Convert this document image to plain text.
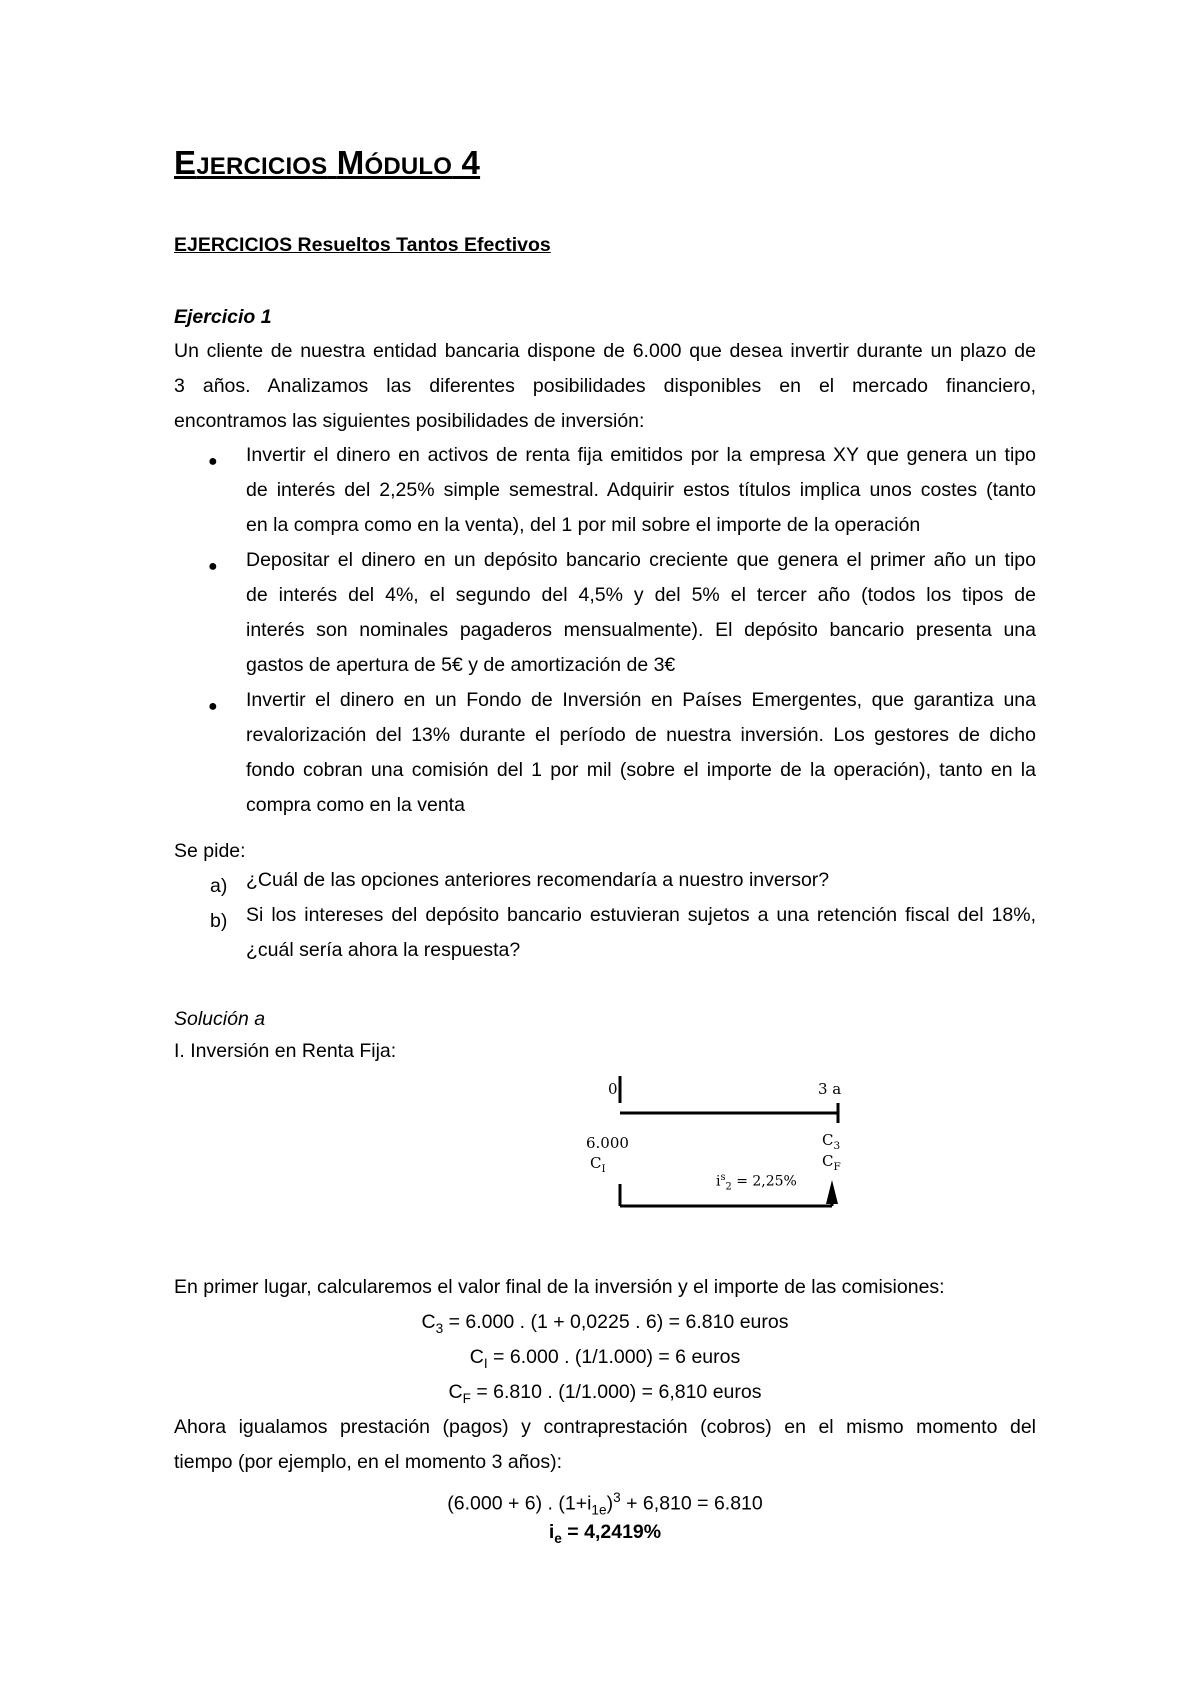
EJERCICIOS MÓDULO 4
EJERCICIOS Resueltos Tantos Efectivos
Ejercicio 1
Un cliente de nuestra entidad bancaria dispone de 6.000 que desea invertir durante un plazo de
3 años. Analizamos las diferentes posibilidades disponibles en el mercado financiero,
encontramos las siguientes posibilidades de inversión:
● Invertir el dinero en activos de renta fija emitidos por la empresa XY que genera un tipo
de interés del 2,25% simple semestral. Adquirir estos títulos implica unos costes (tanto
en la compra como en la venta), del 1 por mil sobre el importe de la operación
● Depositar el dinero en un depósito bancario creciente que genera el primer año un tipo
de interés del 4%, el segundo del 4,5% y del 5% el tercer año (todos los tipos de
interés son nominales pagaderos mensualmente). El depósito bancario presenta una
gastos de apertura de 5€ y de amortización de 3€
● Invertir el dinero en un Fondo de Inversión en Países Emergentes, que garantiza una
revalorización del 13% durante el período de nuestra inversión. Los gestores de dicho
fondo cobran una comisión del 1 por mil (sobre el importe de la operación), tanto en la
compra como en la venta
Se pide:
a) ¿Cuál de las opciones anteriores recomendaría a nuestro inversor?
b) Si los intereses del depósito bancario estuvieran sujetos a una retención fiscal del 18%,
¿cuál sería ahora la respuesta?
Solución a
I. Inversión en Renta Fija:
0	3 a
6.000
$C_I$
$C_3$
$C_F$
$i^s_2 = 2,25\%$
En primer lugar, calcularemos el valor final de la inversión y el importe de las comisiones:
$C_3 = 6.000$ . (1 + 0,0225 . 6) = 6.810 euros
$C_I = 6.000$ . (1/1.000) = 6 euros
$C_F = 6.810$ . (1/1.000) = 6,810 euros
Ahora igualamos prestación (pagos) y contraprestación (cobros) en el mismo momento del
tiempo (por ejemplo, en el momento 3 años):
(6.000 + 6) . $(1+i_{1e})^3 + 6,810 = 6.810$
$i_e = 4,2419\%$
